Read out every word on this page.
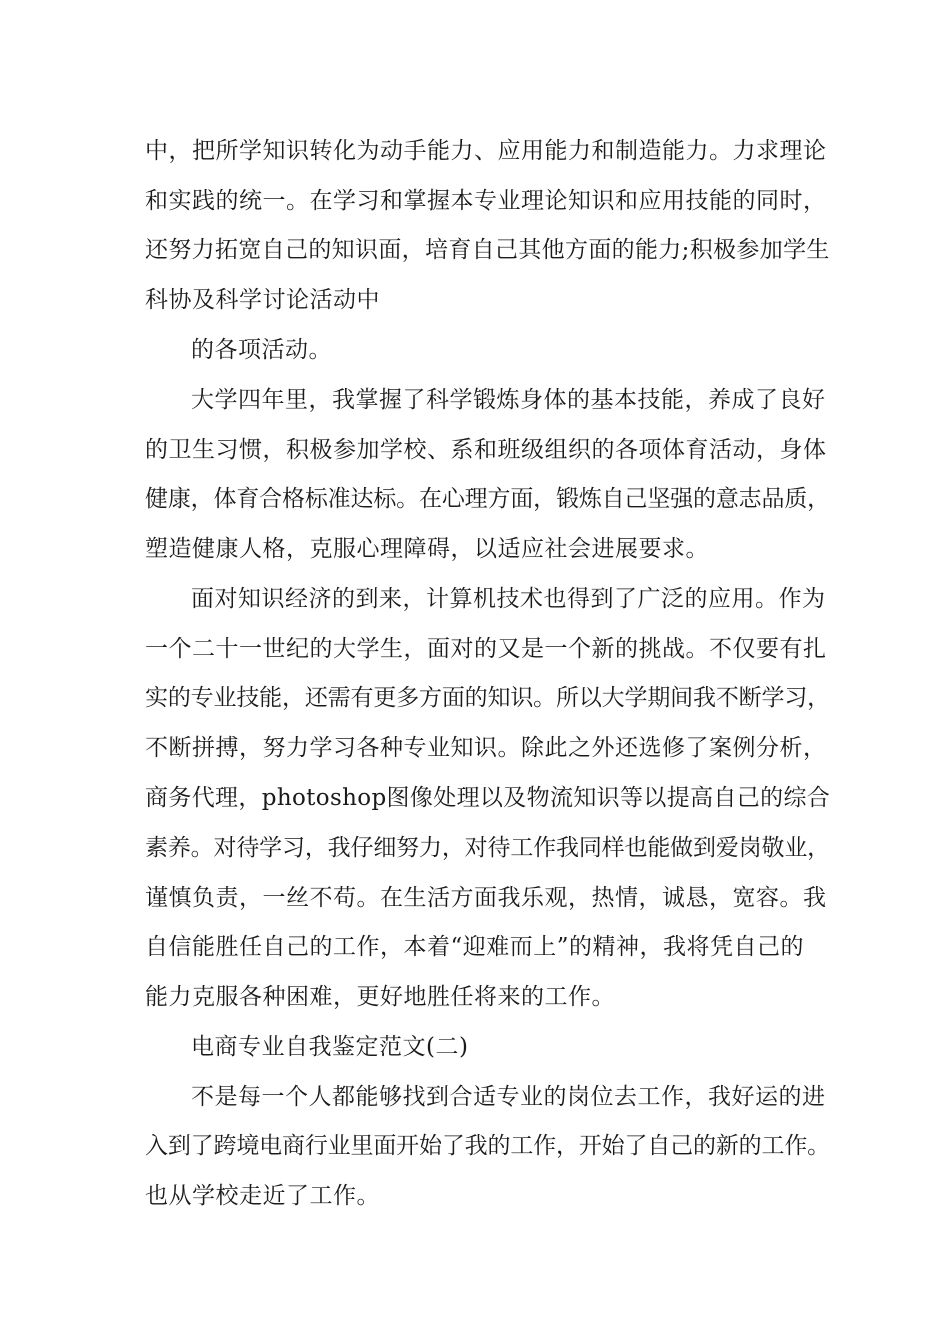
中，把所学知识转化为动手能力、应用能力和制造能力。力求理论
和实践的统一。在学习和掌握本专业理论知识和应用技能的同时，
还努力拓宽自己的知识面，培育自己其他方面的能力;积极参加学生
科协及科学讨论活动中
的各项活动。
大学四年里，我掌握了科学锻炼身体的基本技能，养成了良好
的卫生习惯，积极参加学校、系和班级组织的各项体育活动，身体
健康，体育合格标准达标。在心理方面，锻炼自己坚强的意志品质，
塑造健康人格，克服心理障碍，以适应社会进展要求。
面对知识经济的到来，计算机技术也得到了广泛的应用。作为
一个二十一世纪的大学生，面对的又是一个新的挑战。不仅要有扎
实的专业技能，还需有更多方面的知识。所以大学期间我不断学习，
不断拼搏，努力学习各种专业知识。除此之外还选修了案例分析，
商务代理，photoshop图像处理以及物流知识等以提高自己的综合
素养。对待学习，我仔细努力，对待工作我同样也能做到爱岗敬业，
谨慎负责，一丝不苟。在生活方面我乐观，热情，诚恳，宽容。我
自信能胜任自己的工作，本着“迎难而上”的精神，我将凭自己的
能力克服各种困难，更好地胜任将来的工作。
电商专业自我鉴定范文(二)
不是每一个人都能够找到合适专业的岗位去工作，我好运的进
入到了跨境电商行业里面开始了我的工作，开始了自己的新的工作。
也从学校走近了工作。
